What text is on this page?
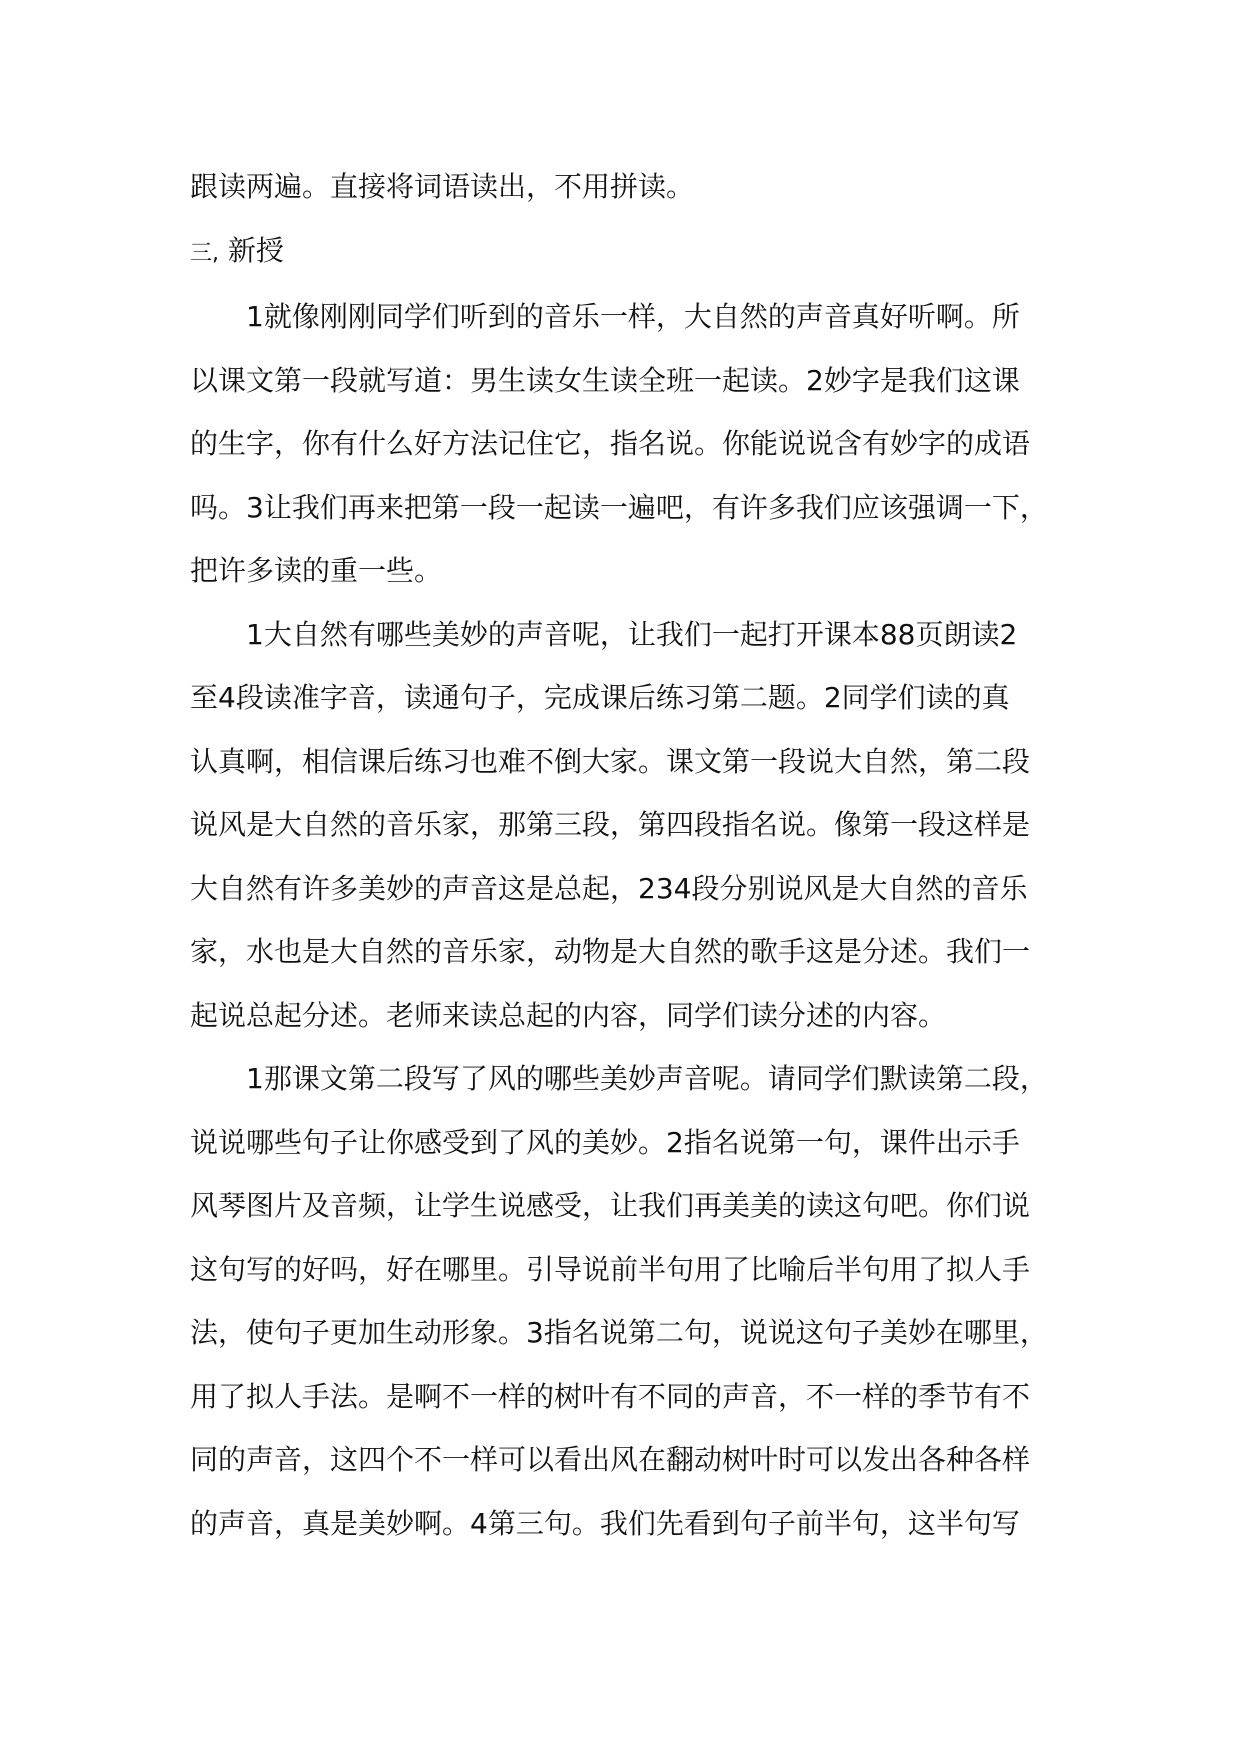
跟读两遍。直接将词语读出，不用拼读。

三, 新授

1就像刚刚同学们听到的音乐一样，大自然的声音真好听啊。所
以课文第一段就写道：男生读女生读全班一起读。2妙字是我们这课
的生字，你有什么好方法记住它，指名说。你能说说含有妙字的成语
吗。3让我们再来把第一段一起读一遍吧，有许多我们应该强调一下，
把许多读的重一些。

1大自然有哪些美妙的声音呢，让我们一起打开课本88页朗读2
至4段读准字音，读通句子，完成课后练习第二题。2同学们读的真
认真啊，相信课后练习也难不倒大家。课文第一段说大自然，第二段
说风是大自然的音乐家，那第三段，第四段指名说。像第一段这样是
大自然有许多美妙的声音这是总起，234段分别说风是大自然的音乐
家，水也是大自然的音乐家，动物是大自然的歌手这是分述。我们一
起说总起分述。老师来读总起的内容，同学们读分述的内容。

1那课文第二段写了风的哪些美妙声音呢。请同学们默读第二段，
说说哪些句子让你感受到了风的美妙。2指名说第一句，课件出示手
风琴图片及音频，让学生说感受，让我们再美美的读这句吧。你们说
这句写的好吗，好在哪里。引导说前半句用了比喻后半句用了拟人手
法，使句子更加生动形象。3指名说第二句，说说这句子美妙在哪里，
用了拟人手法。是啊不一样的树叶有不同的声音，不一样的季节有不
同的声音，这四个不一样可以看出风在翻动树叶时可以发出各种各样
的声音，真是美妙啊。4第三句。我们先看到句子前半句，这半句写
